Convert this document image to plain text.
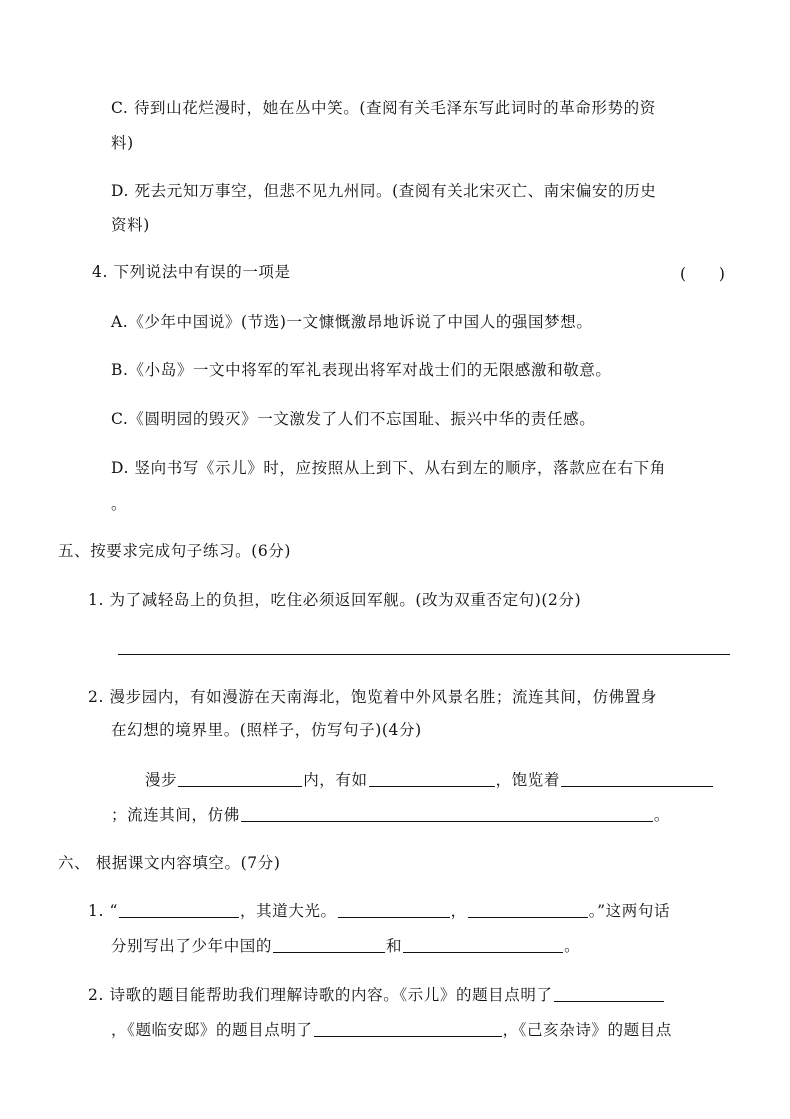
C. 待到山花烂漫时，她在丛中笑。(查阅有关毛泽东写此词时的革命形势的资
料)
D. 死去元知万事空，但悲不见九州同。(查阅有关北宋灭亡、南宋偏安的历史
资料)
4. 下列说法中有误的一项是	(　　)
A.《少年中国说》(节选)一文慷慨激昂地诉说了中国人的强国梦想。
B.《小岛》一文中将军的军礼表现出将军对战士们的无限感激和敬意。
C.《圆明园的毁灭》一文激发了人们不忘国耻、振兴中华的责任感。
D. 竖向书写《示儿》时，应按照从上到下、从右到左的顺序，落款应在右下角
。
五、按要求完成句子练习。(6分)
1. 为了减轻岛上的负担，吃住必须返回军舰。(改为双重否定句)(2分)
2. 漫步园内，有如漫游在天南海北，饱览着中外风景名胜；流连其间，仿佛置身
在幻想的境界里。(照样子，仿写句子)(4分)
漫步	内，有如	，饱览着
；流连其间，仿佛	。
六、 根据课文内容填空。(7分)
1. “	，其道大光。	，	。”这两句话
分别写出了少年中国的	和	。
2. 诗歌的题目能帮助我们理解诗歌的内容。《示儿》的题目点明了
，《题临安邸》的题目点明了	，《己亥杂诗》的题目点
